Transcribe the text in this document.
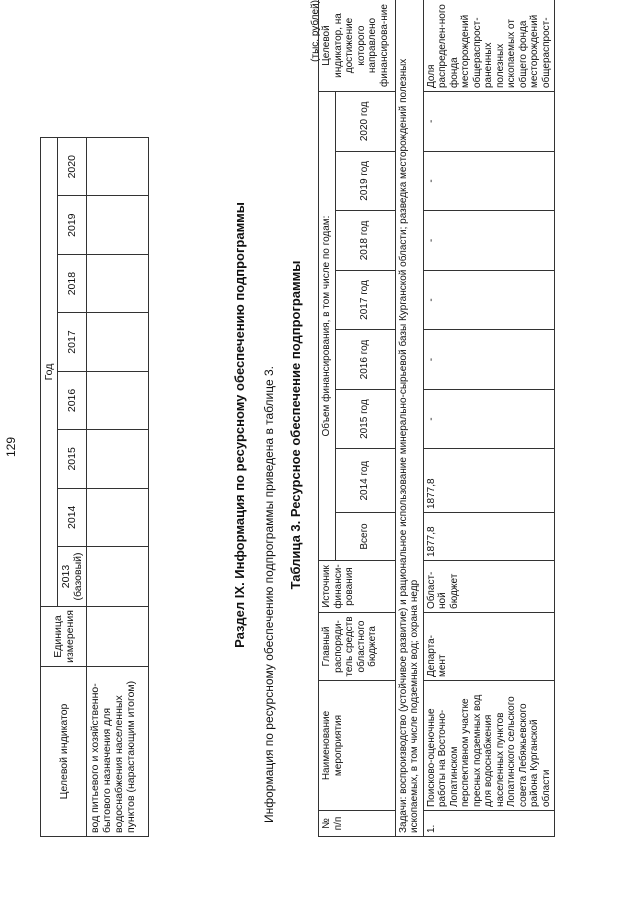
129
Целевой индикатор	Единица измерения	Год							
		2013 (базовый)	2014	2015	2016	2017	2018	2019	2020
вод питьевого и хозяйственно-бытового назначения для водоснабжения населенных пунктов (нарастающим итогом)									
Раздел IX. Информация по ресурсному обеспечению подпрограммы Информация по ресурсному обеспечению подпрограммы приведена в таблице 3. Таблица 3. Ресурсное обеспечение подпрограммы
(тыс. рублей)
№ п/п	Наименование мероприятия	Главный распоряди-тель средств областного бюджета	Источник финанси-рования	Объем финансирования, в том числе по годам:								Целевой индикатор, на достижение которого направлено финансирова-ние
				Всего	2014 год	2015 год	2016 год	2017 год	2018 год	2019 год	2020 год	
Задачи: воспроизводство (устойчивое развитие) и рациональное использование минерально-сырьевой базы Курганской области; разведка месторождений полезных ископаемых, в том числе подземных вод; охрана недр												
1.	Поисково-оценочные работы на Восточно-Лопатинском перспективном участке пресных подземных вод для водоснабжения населенных пунктов Лопатинского сельского совета Лебяжьевского района Курганской области	Департа-мент	Област-ной бюджет	1877,8	1877,8	-	-	-	-	-	-	Доля распределен-ного фонда месторождений общераспрост-раненных полезных ископаемых от общего фонда месторождений общераспрост-
